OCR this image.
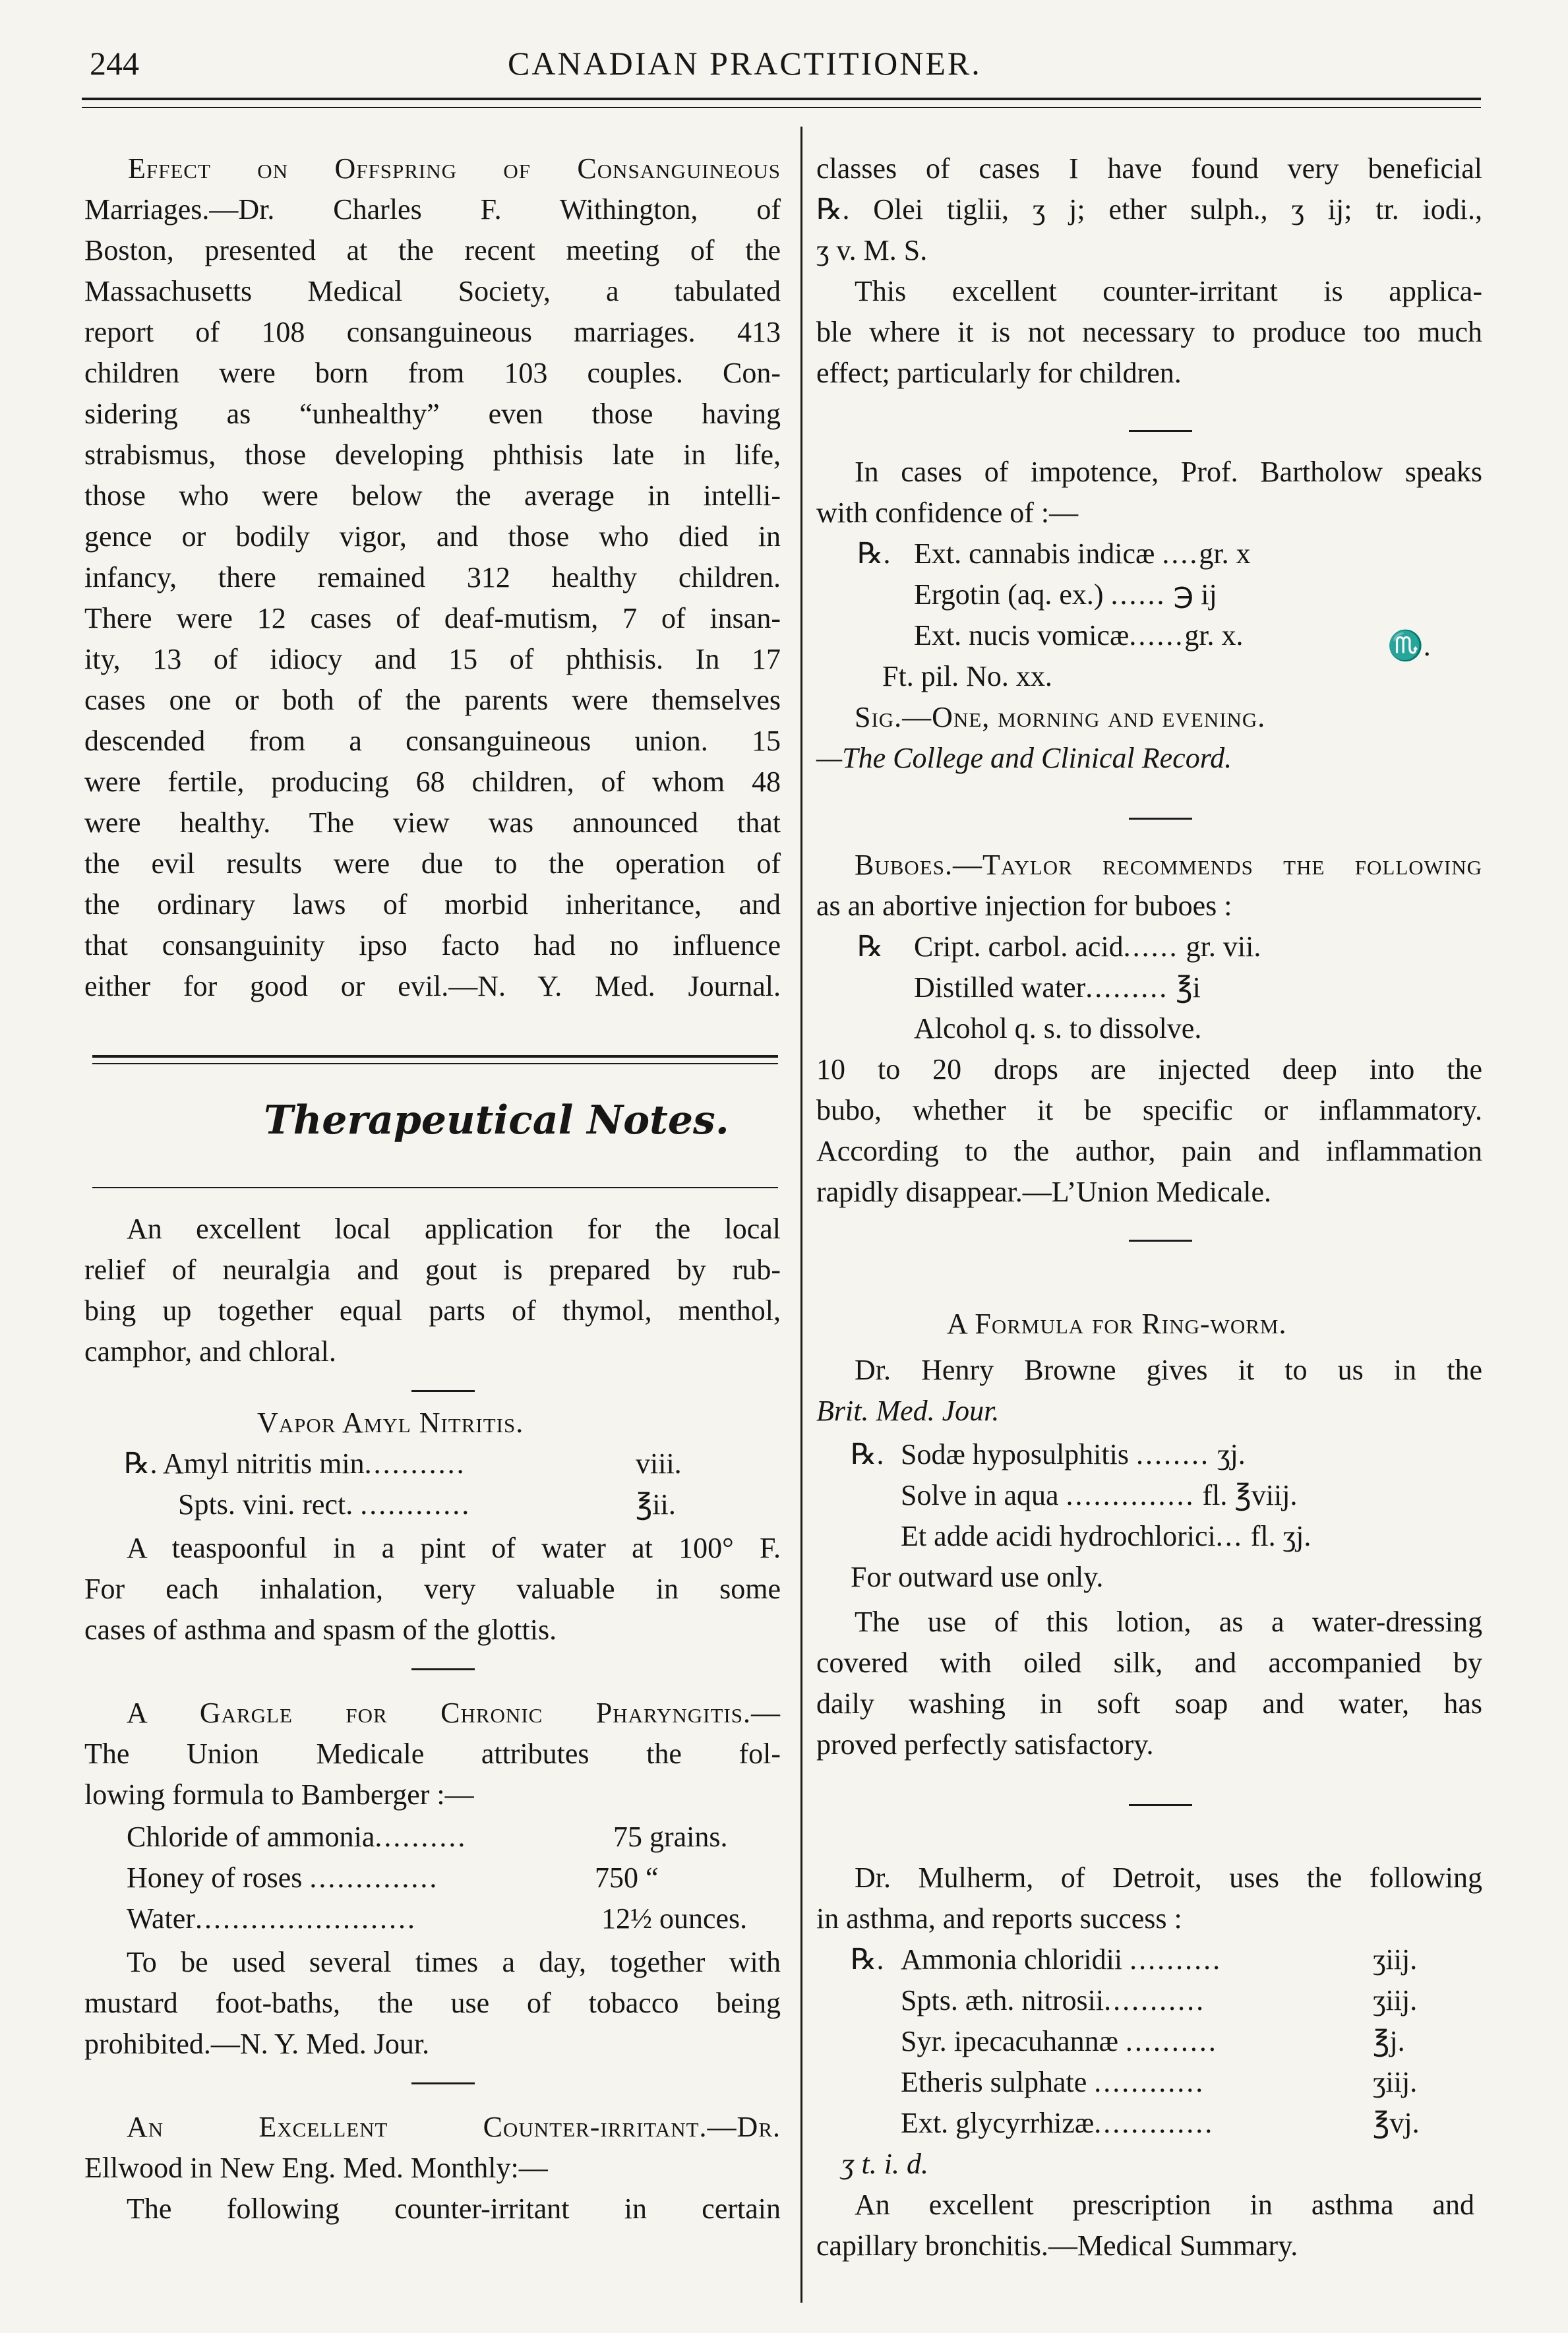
244	CANADIAN PRACTITIONER.
Effect on Offspring of Consanguineous
Marriages.—Dr. Charles F. Withington, of
Boston, presented at the recent meeting of the
Massachusetts Medical Society, a tabulated
report of 108 consanguineous marriages. 413
children were born from 103 couples. Con-
sidering as “unhealthy” even those having
strabismus, those developing phthisis late in life,
those who were below the average in intelli-
gence or bodily vigor, and those who died in
infancy, there remained 312 healthy children.
There were 12 cases of deaf-mutism, 7 of insan-
ity, 13 of idiocy and 15 of phthisis. In 17
cases one or both of the parents were themselves
descended from a consanguineous union. 15
were fertile, producing 68 children, of whom 48
were healthy. The view was announced that
the evil results were due to the operation of
the ordinary laws of morbid inheritance, and
that consanguinity ipso facto had no influence
either for good or evil.—N. Y. Med. Journal.
Therapeutical Notes.
An excellent local application for the local
relief of neuralgia and gout is prepared by rub-
bing up together equal parts of thymol, menthol,
camphor, and chloral.
Vapor Amyl Nitritis.
℞. Amyl nitritis min...........	viii.
Spts. vini. rect. ............	℥ii.
A teaspoonful in a pint of water at 100° F.
For each inhalation, very valuable in some
cases of asthma and spasm of the glottis.
A Gargle for Chronic Pharyngitis.—
The Union Medicale attributes the fol-
lowing formula to Bamberger :—
Chloride of ammonia..........	75 grains.
Honey of roses ..............	750 “
Water........................	12½ ounces.
To be used several times a day, together with
mustard foot-baths, the use of tobacco being
prohibited.—N. Y. Med. Jour.
An Excellent Counter-irritant.—Dr.
Ellwood in New Eng. Med. Monthly:—
The following counter-irritant in certain
classes of cases I have found very beneficial
℞. Olei tiglii, ʒ j; ether sulph., ʒ ij; tr. iodi.,
ʒ v. M. S.
This excellent counter-irritant is applica-
ble where it is not necessary to produce too much
effect; particularly for children.
In cases of impotence, Prof. Bartholow speaks
with confidence of :—
℞. Ext. cannabis indicæ ....gr. x
Ergotin (aq. ex.) ...... ℈ ij
Ext. nucis vomicæ......gr. x.	♏.
Ft. pil. No. xx.
Sig.—One, morning and evening.
—The College and Clinical Record.
Buboes.—Taylor recommends the following
as an abortive injection for buboes :
℞ Cript. carbol. acid...... gr. vii.
Distilled water......... ℥i
Alcohol q. s. to dissolve.
10 to 20 drops are injected deep into the
bubo, whether it be specific or inflammatory.
According to the author, pain and inflammation
rapidly disappear.—L’Union Medicale.
A Formula for Ring-worm.
Dr. Henry Browne gives it to us in the
Brit. Med. Jour.
℞. Sodæ hyposulphitis ........ ʒj.
Solve in aqua .............. fl. ℥viij.
Et adde acidi hydrochlorici... fl. ʒj.
For outward use only.
The use of this lotion, as a water-dressing
covered with oiled silk, and accompanied by
daily washing in soft soap and water, has
proved perfectly satisfactory.
Dr. Mulherm, of Detroit, uses the following
in asthma, and reports success :
℞. Ammonia chloridii ..........	ʒiij.
Spts. æth. nitrosii...........	ʒiij.
Syr. ipecacuhannæ ..........	℥j.
Etheris sulphate ............	ʒiij.
Ext. glycyrrhizæ.............	℥vj.
ʒ t. i. d.
An excellent prescription in asthma and
capillary bronchitis.—Medical Summary.
